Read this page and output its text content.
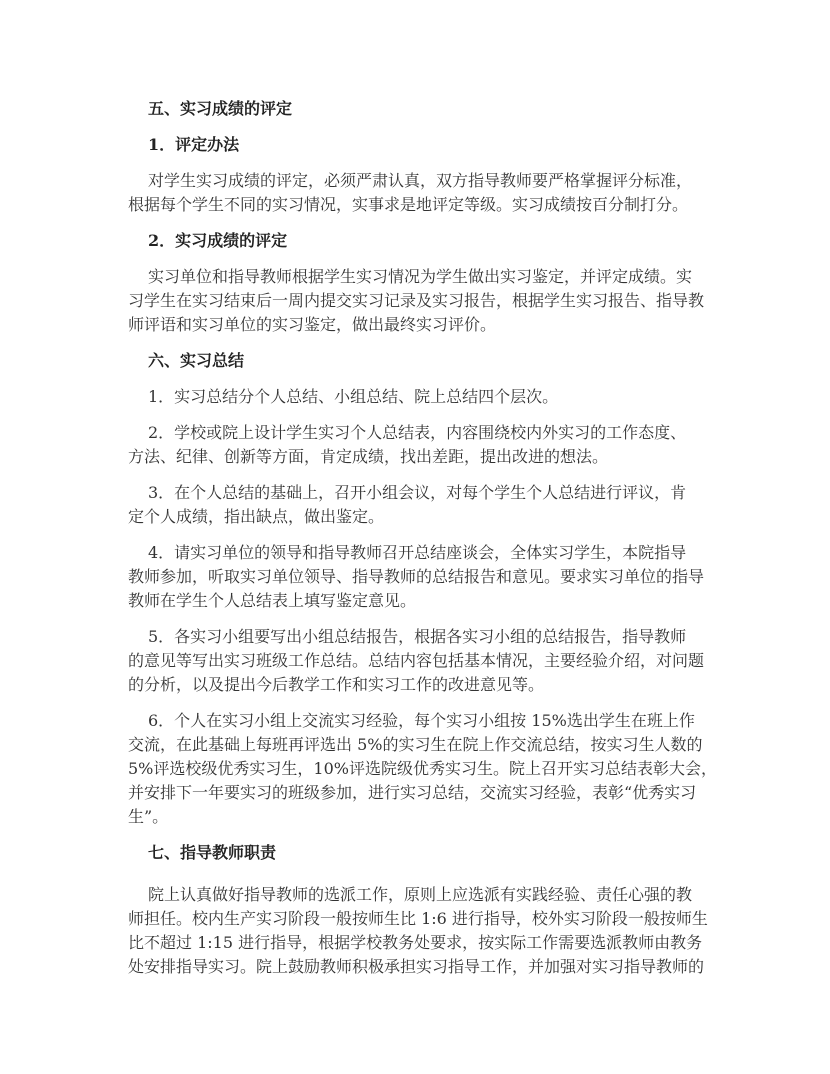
五、实习成绩的评定
1．评定办法
对学生实习成绩的评定，必须严肃认真，双方指导教师要严格掌握评分标准，
根据每个学生不同的实习情况，实事求是地评定等级。实习成绩按百分制打分。
2．实习成绩的评定
实习单位和指导教师根据学生实习情况为学生做出实习鉴定，并评定成绩。实
习学生在实习结束后一周内提交实习记录及实习报告，根据学生实习报告、指导教
师评语和实习单位的实习鉴定，做出最终实习评价。
六、实习总结
1．实习总结分个人总结、小组总结、院上总结四个层次。
2．学校或院上设计学生实习个人总结表，内容围绕校内外实习的工作态度、
方法、纪律、创新等方面，肯定成绩，找出差距，提出改进的想法。
3．在个人总结的基础上，召开小组会议，对每个学生个人总结进行评议，肯
定个人成绩，指出缺点，做出鉴定。
4．请实习单位的领导和指导教师召开总结座谈会，全体实习学生，本院指导
教师参加，听取实习单位领导、指导教师的总结报告和意见。要求实习单位的指导
教师在学生个人总结表上填写鉴定意见。
5．各实习小组要写出小组总结报告，根据各实习小组的总结报告，指导教师
的意见等写出实习班级工作总结。总结内容包括基本情况，主要经验介绍，对问题
的分析，以及提出今后教学工作和实习工作的改进意见等。
6．个人在实习小组上交流实习经验，每个实习小组按 15%选出学生在班上作
交流，在此基础上每班再评选出 5%的实习生在院上作交流总结，按实习生人数的
5%评选校级优秀实习生，10%评选院级优秀实习生。院上召开实习总结表彰大会，
并安排下一年要实习的班级参加，进行实习总结，交流实习经验，表彰“优秀实习
生”。
七、指导教师职责
院上认真做好指导教师的选派工作，原则上应选派有实践经验、责任心强的教
师担任。校内生产实习阶段一般按师生比 1:6 进行指导，校外实习阶段一般按师生
比不超过 1:15 进行指导，根据学校教务处要求，按实际工作需要选派教师由教务
处安排指导实习。院上鼓励教师积极承担实习指导工作，并加强对实习指导教师的
